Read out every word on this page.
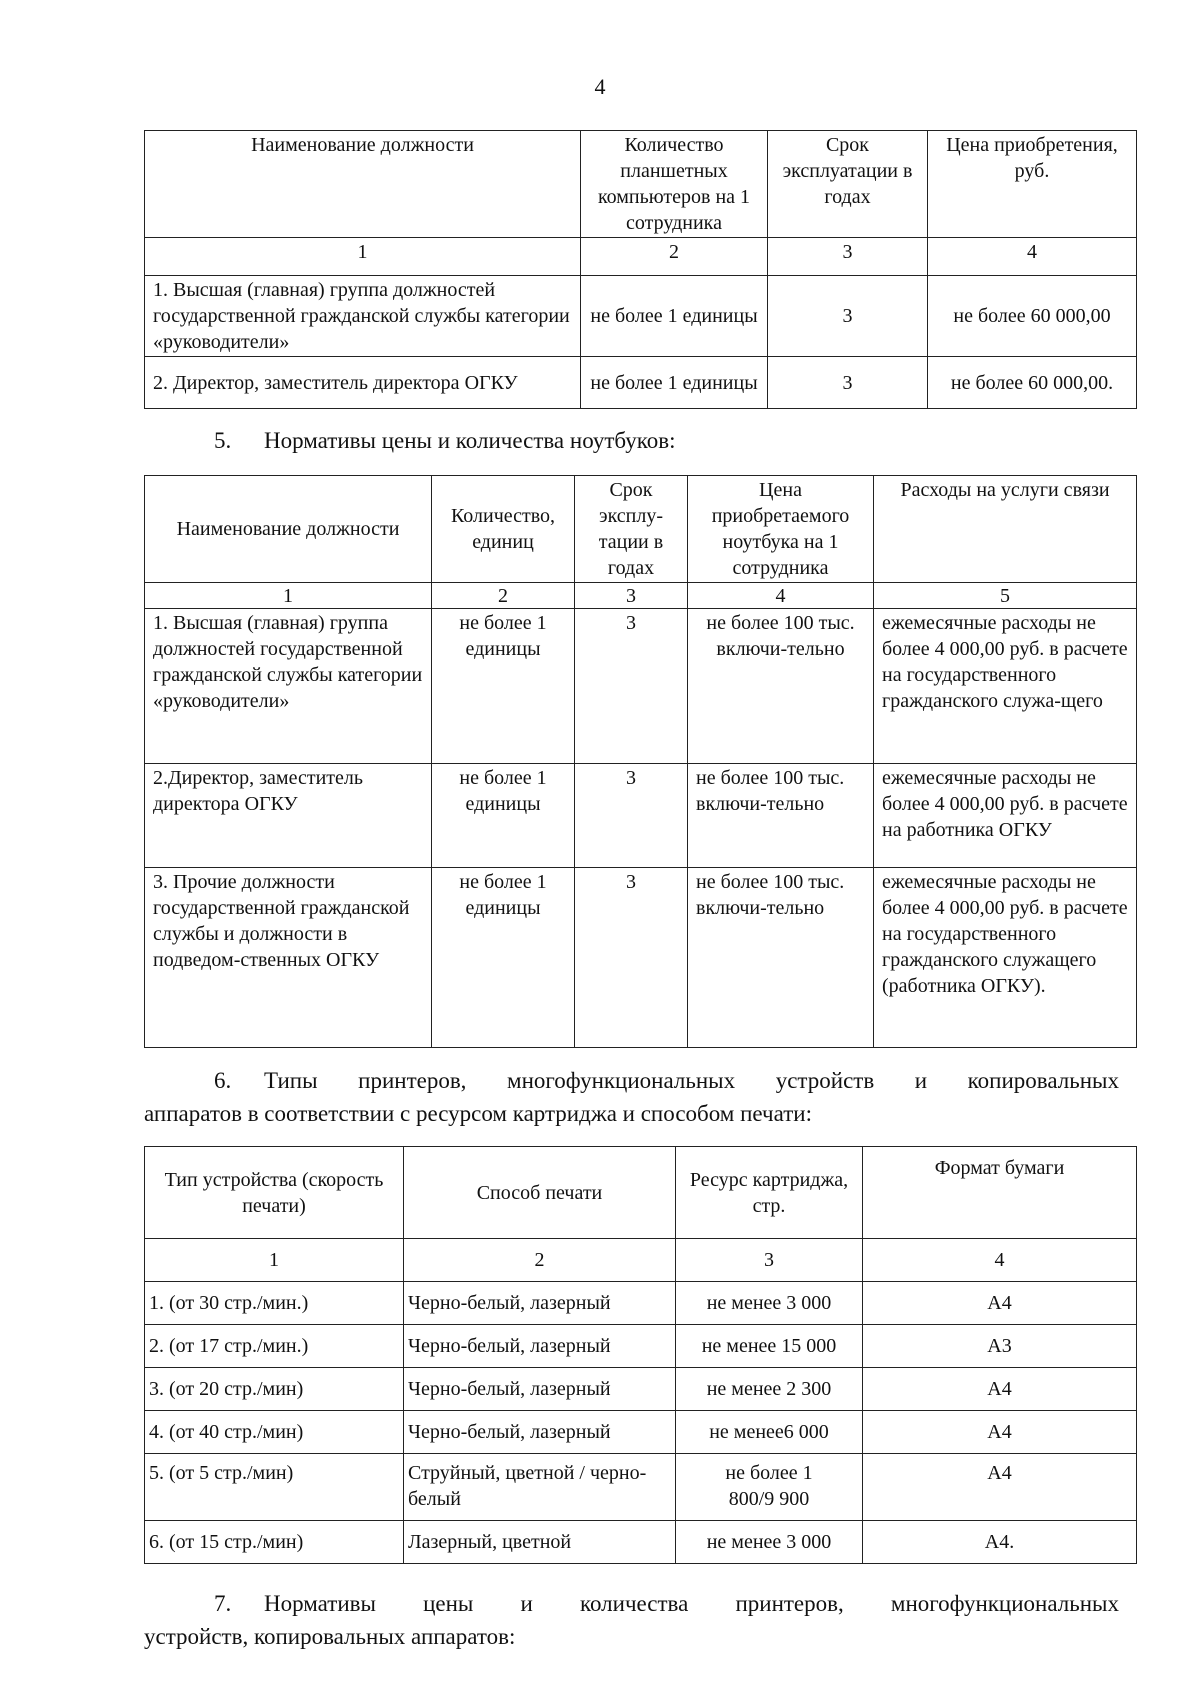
4
Наименование должности	Количество планшетных компьютеров на 1 сотрудника	Срок эксплуатации в годах	Цена приобретения, руб.
1	2	3	4
1. Высшая (главная) группа должностей государственной гражданской службы категории «руководители»	не более 1 единицы	3	не более 60 000,00
2. Директор, заместитель директора ОГКУ	не более 1 единицы	3	не более 60 000,00.
5. Нормативы цены и количества ноутбуков:
Наименование должности	Количество, единиц	Срок эксплу-тации в годах	Цена приобретаемого ноутбука на 1 сотрудника	Расходы на услуги связи
1	2	3	4	5
1. Высшая (главная) группа должностей государственной гражданской службы категории «руководители»	не более 1 единицы	3	не более 100 тыс. включи-тельно	ежемесячные расходы не более 4 000,00 руб. в расчете на государственного гражданского служа-щего
2.Директор, заместитель директора ОГКУ	не более 1 единицы	3	не более 100 тыс. включи-тельно	ежемесячные расходы не более 4 000,00 руб. в расчете на работника ОГКУ
3. Прочие должности государственной гражданской службы и должности в подведом-ственных ОГКУ	не более 1 единицы	3	не более 100 тыс. включи-тельно	ежемесячные расходы не более 4 000,00 руб. в расчете на государственного гражданского служащего (работника ОГКУ).
6. Типы принтеров, многофункциональных устройств и копировальных
аппаратов в соответствии с ресурсом картриджа и способом печати:
Тип устройства (скорость печати)	Способ печати	Ресурс картриджа, стр.	Формат бумаги
1	2	3	4
1. (от 30 стр./мин.)	Черно-белый, лазерный	не менее 3 000	А4
2. (от 17 стр./мин.)	Черно-белый, лазерный	не менее 15 000	А3
3. (от 20 стр./мин)	Черно-белый, лазерный	не менее 2 300	А4
4. (от 40 стр./мин)	Черно-белый, лазерный	не менее6 000	А4
5. (от 5 стр./мин)	Струйный, цветной / черно-белый	не более 1 800/9 900	А4
6. (от 15 стр./мин)	Лазерный, цветной	не менее 3 000	А4.
7. Нормативы цены и количества принтеров, многофункциональных
устройств, копировальных аппаратов:
